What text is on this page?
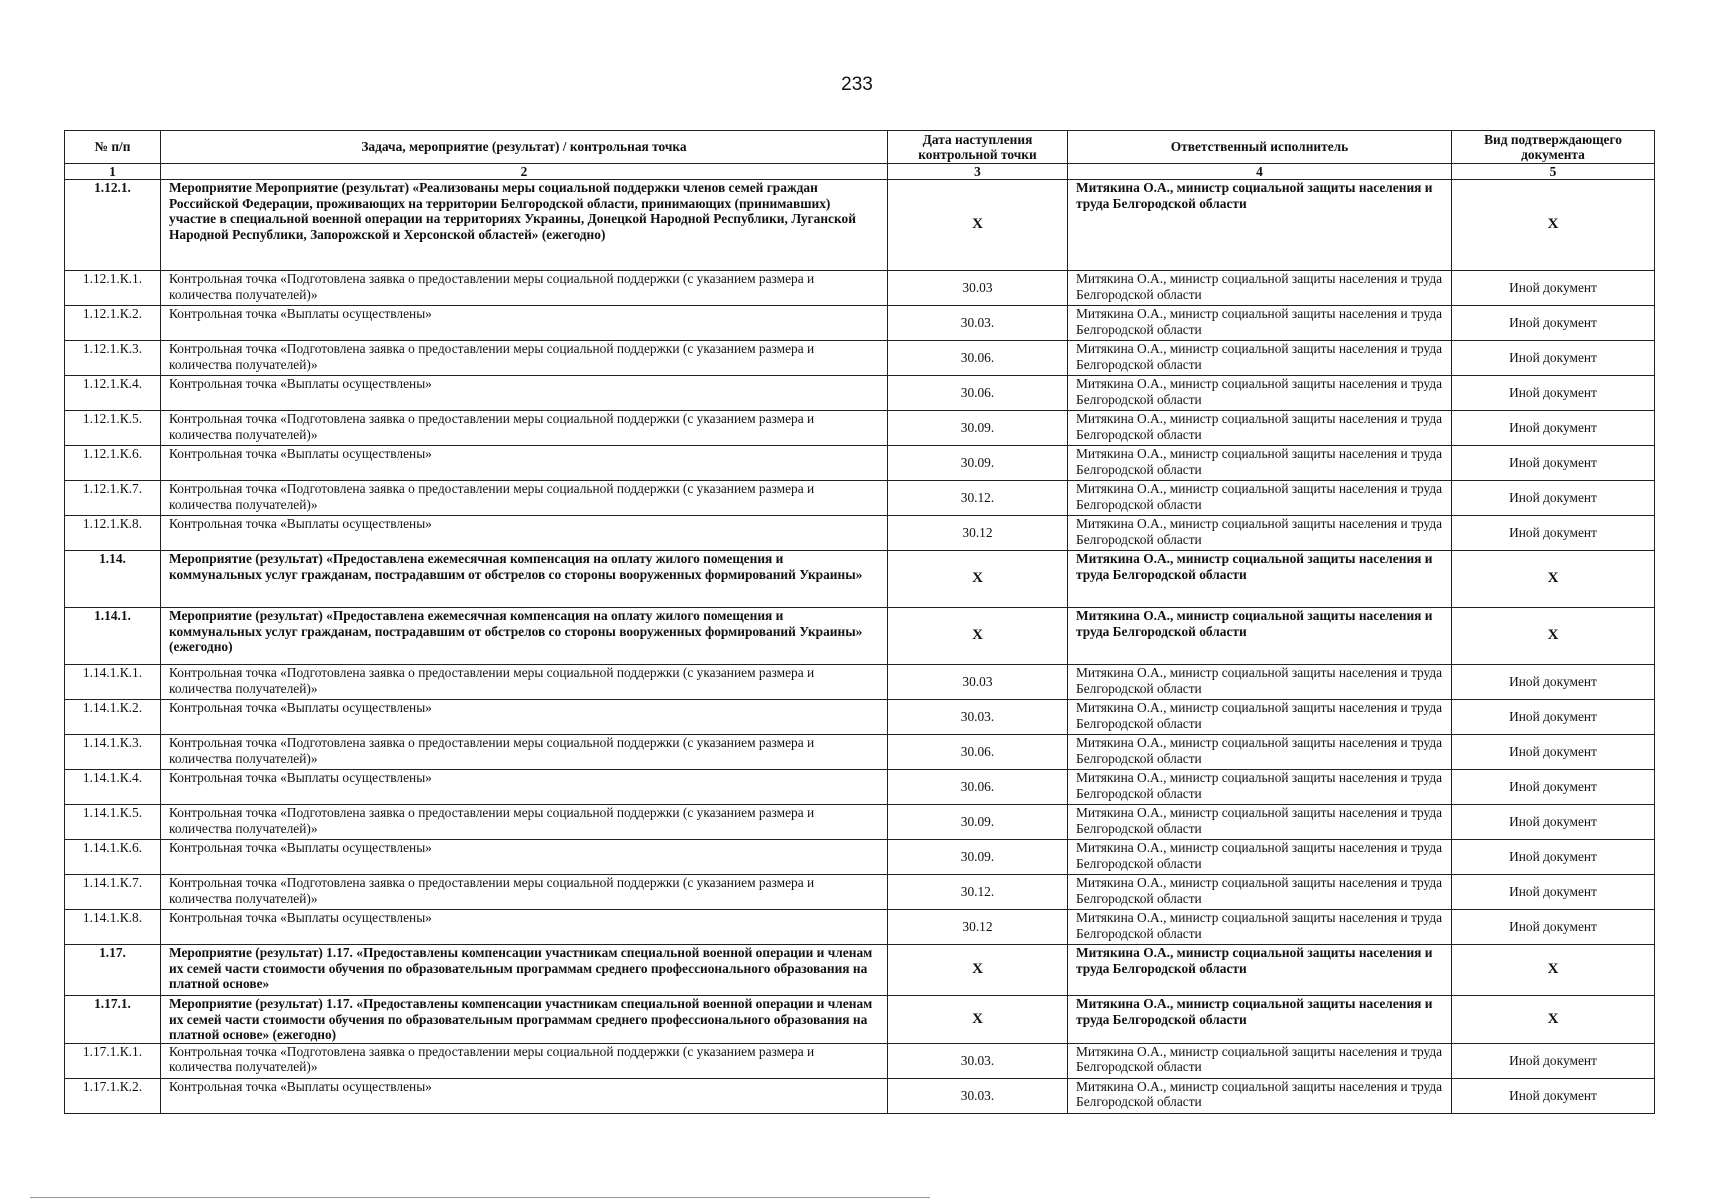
233
№ п/п	Задача, мероприятие (результат) / контрольная точка	Дата наступления контрольной точки	Ответственный исполнитель	Вид подтверждающего документа
1	2	3	4	5
1.12.1.	Мероприятие Мероприятие (результат) «Реализованы меры социальной поддержки членов семей граждан Российской Федерации, проживающих на территории Белгородской области, принимающих (принимавших) участие в специальной военной операции на территориях Украины, Донецкой Народной Республики, Луганской Народной Республики, Запорожской и Херсонской областей» (ежегодно)	Х	Митякина О.А., министр социальной защиты населения и труда Белгородской области	Х
1.12.1.К.1.	Контрольная точка «Подготовлена заявка о предоставлении меры социальной поддержки (с указанием размера и количества получателей)»	30.03	Митякина О.А., министр социальной защиты населения и труда Белгородской области	Иной документ
1.12.1.К.2.	Контрольная точка «Выплаты осуществлены»	30.03.	Митякина О.А., министр социальной защиты населения и труда Белгородской области	Иной документ
1.12.1.К.3.	Контрольная точка «Подготовлена заявка о предоставлении меры социальной поддержки (с указанием размера и количества получателей)»	30.06.	Митякина О.А., министр социальной защиты населения и труда Белгородской области	Иной документ
1.12.1.К.4.	Контрольная точка «Выплаты осуществлены»	30.06.	Митякина О.А., министр социальной защиты населения и труда Белгородской области	Иной документ
1.12.1.К.5.	Контрольная точка «Подготовлена заявка о предоставлении меры социальной поддержки (с указанием размера и количества получателей)»	30.09.	Митякина О.А., министр социальной защиты населения и труда Белгородской области	Иной документ
1.12.1.К.6.	Контрольная точка «Выплаты осуществлены»	30.09.	Митякина О.А., министр социальной защиты населения и труда Белгородской области	Иной документ
1.12.1.К.7.	Контрольная точка «Подготовлена заявка о предоставлении меры социальной поддержки (с указанием размера и количества получателей)»	30.12.	Митякина О.А., министр социальной защиты населения и труда Белгородской области	Иной документ
1.12.1.К.8.	Контрольная точка «Выплаты осуществлены»	30.12	Митякина О.А., министр социальной защиты населения и труда Белгородской области	Иной документ
1.14.	Мероприятие (результат) «Предоставлена ежемесячная компенсация на оплату жилого помещения и коммунальных услуг гражданам, пострадавшим от обстрелов со стороны вооруженных формирований Украины»	Х	Митякина О.А., министр социальной защиты населения и труда Белгородской области	Х
1.14.1.	Мероприятие (результат) «Предоставлена ежемесячная компенсация на оплату жилого помещения и коммунальных услуг гражданам, пострадавшим от обстрелов со стороны вооруженных формирований Украины» (ежегодно)	Х	Митякина О.А., министр социальной защиты населения и труда Белгородской области	Х
1.14.1.К.1.	Контрольная точка «Подготовлена заявка о предоставлении меры социальной поддержки (с указанием размера и количества получателей)»	30.03	Митякина О.А., министр социальной защиты населения и труда Белгородской области	Иной документ
1.14.1.К.2.	Контрольная точка «Выплаты осуществлены»	30.03.	Митякина О.А., министр социальной защиты населения и труда Белгородской области	Иной документ
1.14.1.К.3.	Контрольная точка «Подготовлена заявка о предоставлении меры социальной поддержки (с указанием размера и количества получателей)»	30.06.	Митякина О.А., министр социальной защиты населения и труда Белгородской области	Иной документ
1.14.1.К.4.	Контрольная точка «Выплаты осуществлены»	30.06.	Митякина О.А., министр социальной защиты населения и труда Белгородской области	Иной документ
1.14.1.К.5.	Контрольная точка «Подготовлена заявка о предоставлении меры социальной поддержки (с указанием размера и количества получателей)»	30.09.	Митякина О.А., министр социальной защиты населения и труда Белгородской области	Иной документ
1.14.1.К.6.	Контрольная точка «Выплаты осуществлены»	30.09.	Митякина О.А., министр социальной защиты населения и труда Белгородской области	Иной документ
1.14.1.К.7.	Контрольная точка «Подготовлена заявка о предоставлении меры социальной поддержки (с указанием размера и количества получателей)»	30.12.	Митякина О.А., министр социальной защиты населения и труда Белгородской области	Иной документ
1.14.1.К.8.	Контрольная точка «Выплаты осуществлены»	30.12	Митякина О.А., министр социальной защиты населения и труда Белгородской области	Иной документ
1.17.	Мероприятие (результат) 1.17. «Предоставлены компенсации участникам специальной военной операции и членам их семей части стоимости обучения по образовательным программам среднего профессионального образования на платной основе»	Х	Митякина О.А., министр социальной защиты населения и труда Белгородской области	Х
1.17.1.	Мероприятие (результат) 1.17. «Предоставлены компенсации участникам специальной военной операции и членам их семей части стоимости обучения по образовательным программам среднего профессионального образования на платной основе» (ежегодно)	Х	Митякина О.А., министр социальной защиты населения и труда Белгородской области	Х
1.17.1.К.1.	Контрольная точка «Подготовлена заявка о предоставлении меры социальной поддержки (с указанием размера и количества получателей)»	30.03.	Митякина О.А., министр социальной защиты населения и труда Белгородской области	Иной документ
1.17.1.К.2.	Контрольная точка «Выплаты осуществлены»	30.03.	Митякина О.А., министр социальной защиты населения и труда Белгородской области	Иной документ
